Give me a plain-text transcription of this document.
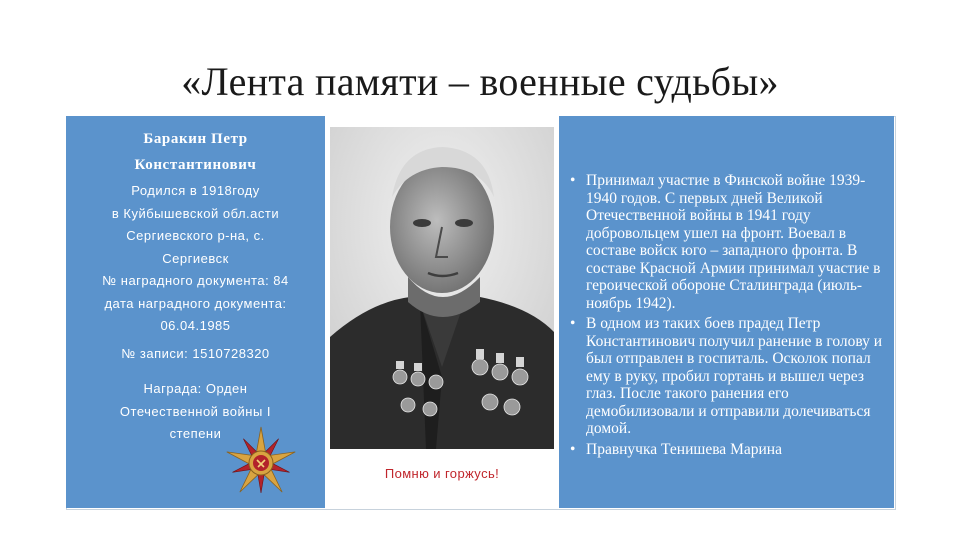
«Лента памяти – военные судьбы»
Баракин Петр
Константинович
Родился в 1918году
в Куйбышевской обл.асти
Сергиевского р-на, с.
Сергиевск
№ наградного документа: 84
дата наградного документа:
06.04.1985
№ записи: 1510728320
Награда: Орден
Отечественной войны I
степени
Помню и горжусь!
• Принимал участие в Финской войне 1939-1940 годов. С первых дней Великой Отечественной войны в 1941 году добровольцем ушел на фронт. Воевал в составе войск юго – западного фронта. В составе Красной Армии принимал участие в героической обороне Сталинграда (июль-ноябрь 1942).
• В одном из таких боев прадед Петр Константинович получил ранение в голову и был отправлен в госпиталь. Осколок попал ему в руку, пробил гортань и вышел через глаз. После такого ранения его демобилизовали и отправили долечиваться домой.
• Правнучка Тенишева Марина
